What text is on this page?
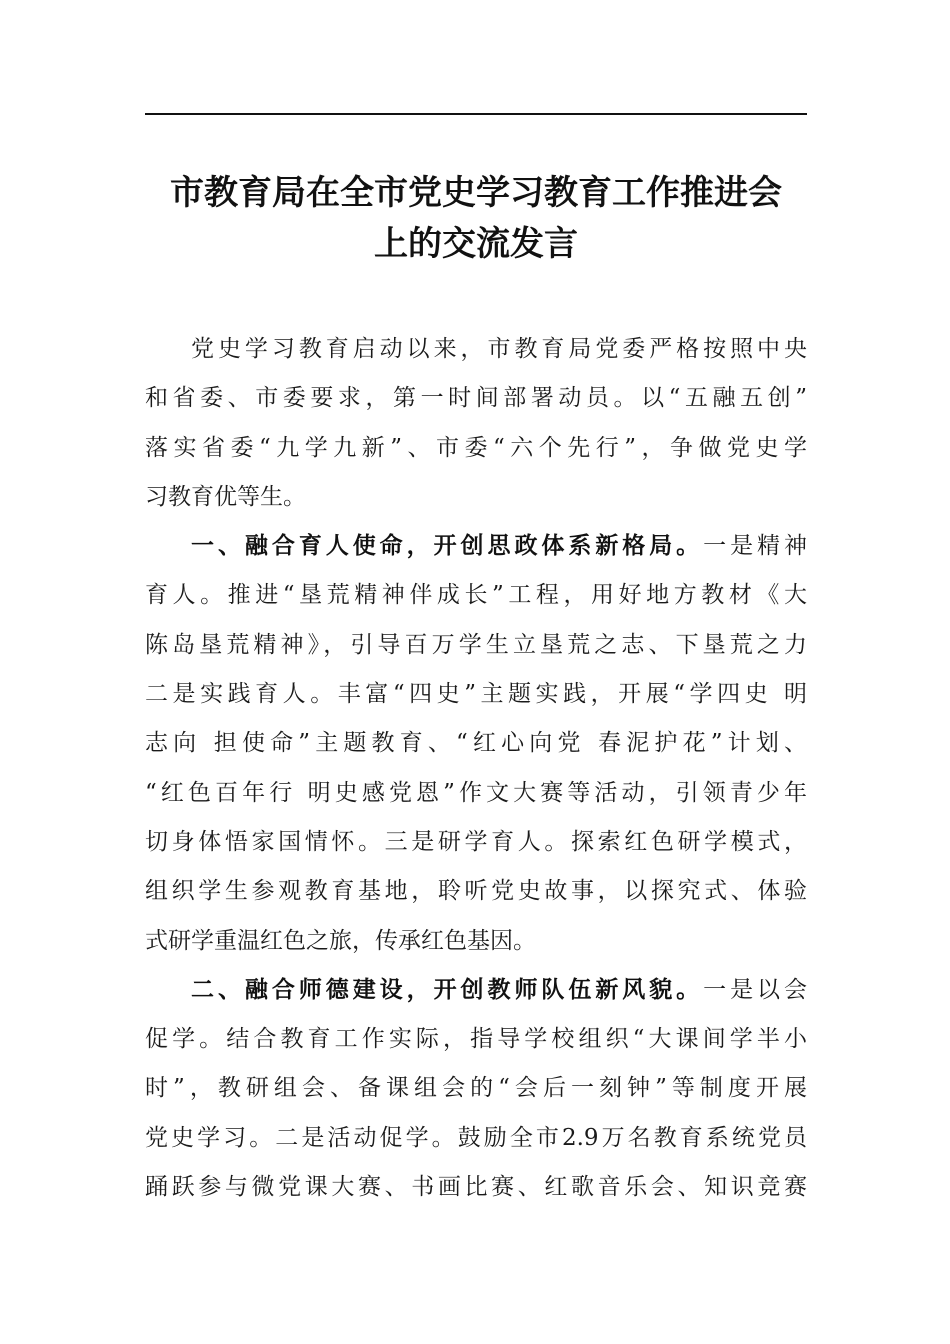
市教育局在全市党史学习教育工作推进会
上的交流发言

党史学习教育启动以来，市教育局党委严格按照中央
和省委、市委要求，第一时间部署动员。以“五融五创”
落实省委“九学九新”、市委“六个先行”，争做党史学
习教育优等生。

一、融合育人使命，开创思政体系新格局。一是精神
育人。推进“垦荒精神伴成长”工程，用好地方教材《大
陈岛垦荒精神》，引导百万学生立垦荒之志、下垦荒之力
二是实践育人。丰富“四史”主题实践，开展“学四史 明
志向 担使命”主题教育、“红心向党 春泥护花”计划、
“红色百年行 明史感党恩”作文大赛等活动，引领青少年
切身体悟家国情怀。三是研学育人。探索红色研学模式，
组织学生参观教育基地，聆听党史故事，以探究式、体验
式研学重温红色之旅，传承红色基因。

二、融合师德建设，开创教师队伍新风貌。一是以会
促学。结合教育工作实际，指导学校组织“大课间学半小
时”，教研组会、备课组会的“会后一刻钟”等制度开展
党史学习。二是活动促学。鼓励全市2.9万名教育系统党员
踊跃参与微党课大赛、书画比赛、红歌音乐会、知识竞赛
